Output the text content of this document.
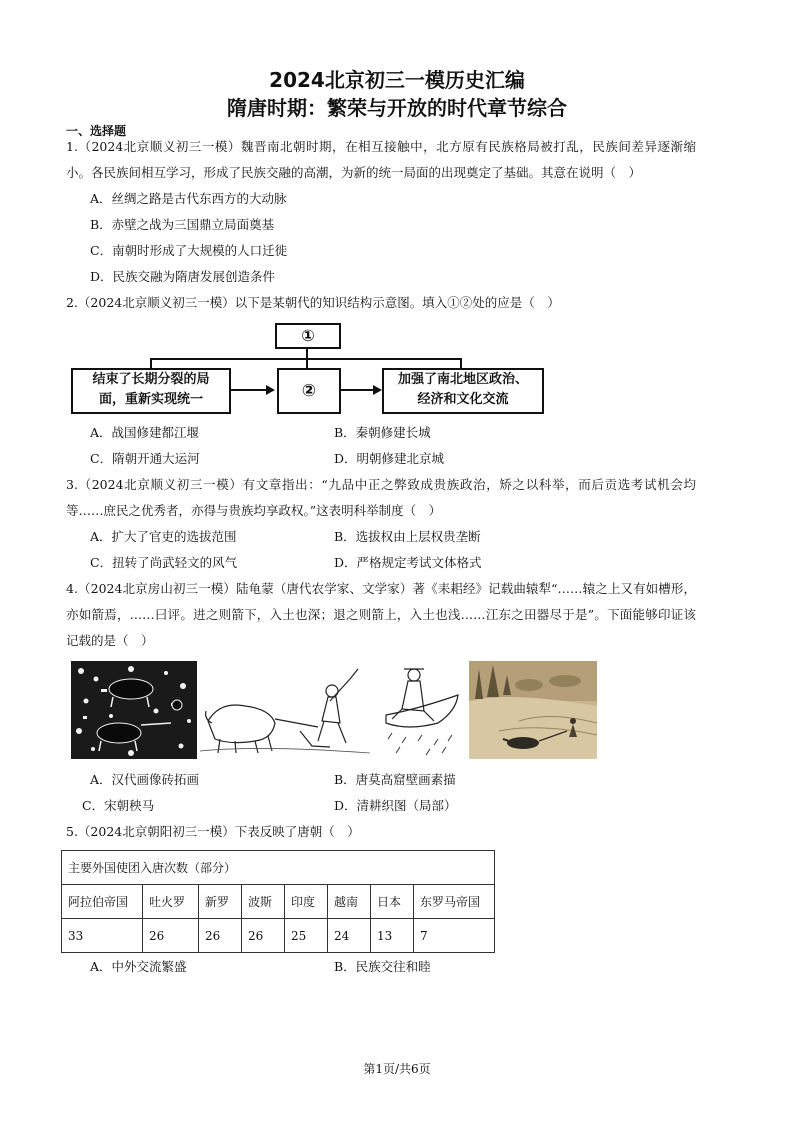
2024北京初三一模历史汇编
隋唐时期：繁荣与开放的时代章节综合
一、选择题
1.（2024北京顺义初三一模）魏晋南北朝时期，在相互接触中，北方原有民族格局被打乱，民族间差异逐渐缩小。各民族间相互学习，形成了民族交融的高潮，为新的统一局面的出现奠定了基础。其意在说明（　）
A．丝绸之路是古代东西方的大动脉
B．赤壁之战为三国鼎立局面奠基
C．南朝时形成了大规模的人口迁徙
D．民族交融为隋唐发展创造条件
2.（2024北京顺义初三一模）以下是某朝代的知识结构示意图。填入①②处的应是（　）
①
结束了长期分裂的局
面，重新实现统一	②
加强了南北地区政治、
经济和文化交流
A．战国修建都江堰	B．秦朝修建长城
C．隋朝开通大运河	D．明朝修建北京城
3.（2024北京顺义初三一模）有文章指出：“九品中正之弊致成贵族政治，矫之以科举，而后贡选考试机会均等……庶民之优秀者，亦得与贵族均享政权。”这表明科举制度（　）
A．扩大了官吏的选拔范围	B．选拔权由上层权贵垄断
C．扭转了尚武轻文的风气	D．严格规定考试文体格式
4.（2024北京房山初三一模）陆龟蒙（唐代农学家、文学家）著《耒耜经》记载曲辕犁“……辕之上又有如槽形，亦如箭焉，……曰评。进之则箭下，入土也深；退之则箭上，入土也浅……江东之田器尽于是”。下面能够印证该记载的是（　）
A．汉代画像砖拓画	B．唐莫高窟壁画素描
C．宋朝秧马	D．清耕织图（局部）
5.（2024北京朝阳初三一模）下表反映了唐朝（　）
主要外国使团入唐次数（部分）							
阿拉伯帝国	吐火罗	新罗	波斯	印度	越南	日本	东罗马帝国
33	26	26	26	25	24	13	7
A．中外交流繁盛	B．民族交往和睦
第1页/共6页
